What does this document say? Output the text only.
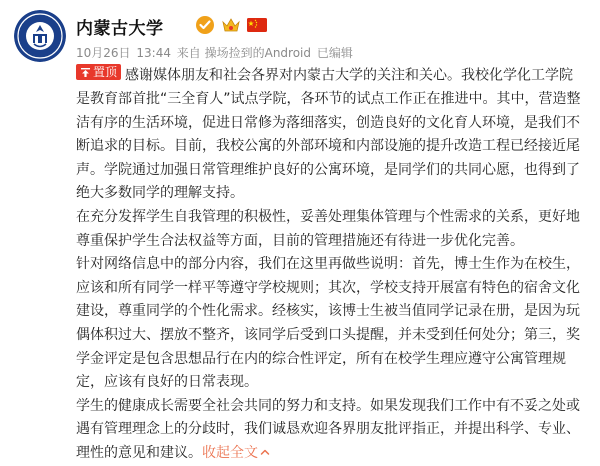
内蒙古大学
10月26日 13:44 来自 操场捡到的Android 已编辑

置顶 感谢媒体朋友和社会各界对内蒙古大学的关注和关心。我校化学化工学院是教育部首批“三全育人”试点学院，各环节的试点工作正在推进中。其中，营造整洁有序的生活环境，促进日常修为落细落实，创造良好的文化育人环境，是我们不断追求的目标。目前，我校公寓的外部环境和内部设施的提升改造工程已经接近尾声。学院通过加强日常管理维护良好的公寓环境，是同学们的共同心愿，也得到了绝大多数同学的理解支持。

在充分发挥学生自我管理的积极性，妥善处理集体管理与个性需求的关系，更好地尊重保护学生合法权益等方面，目前的管理措施还有待进一步优化完善。

针对网络信息中的部分内容，我们在这里再做些说明：首先，博士生作为在校生，应该和所有同学一样平等遵守学校规则；其次，学校支持开展富有特色的宿舍文化建设，尊重同学的个性化需求。经核实，该博士生被当值同学记录在册，是因为玩偶体积过大、摆放不整齐，该同学后受到口头提醒，并未受到任何处分；第三，奖学金评定是包含思想品行在内的综合性评定，所有在校学生理应遵守公寓管理规定，应该有良好的日常表现。

学生的健康成长需要全社会共同的努力和支持。如果发现我们工作中有不妥之处或遇有管理理念上的分歧时，我们诚恳欢迎各界朋友批评指正，并提出科学、专业、理性的意见和建议。收起全文
